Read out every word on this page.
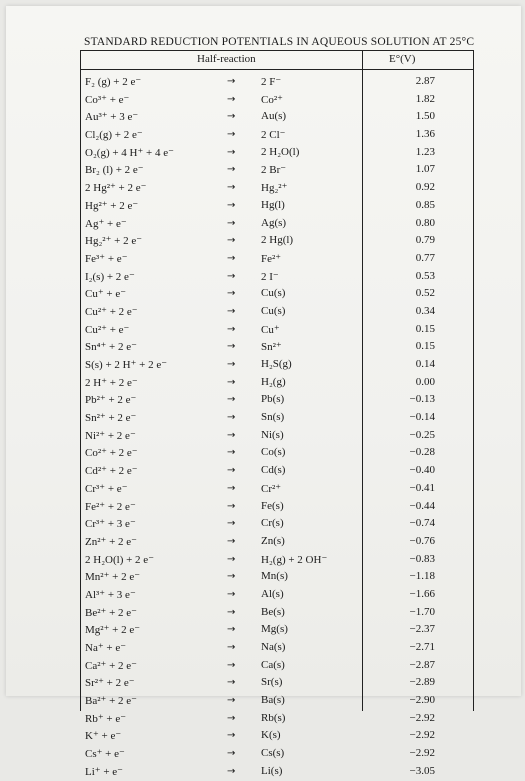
STANDARD REDUCTION POTENTIALS IN AQUEOUS SOLUTION AT 25°C
Half-reaction	E°(V)
F₂ (g) + 2 e⁻	→ 2 F⁻	2.87
Co³⁺ + e⁻	→ Co²⁺	1.82
Au³⁺ + 3 e⁻	→ Au(s)	1.50
Cl₂(g) + 2 e⁻	→ 2 Cl⁻	1.36
O₂(g) + 4 H⁺ + 4 e⁻	→ 2 H₂O(l)	1.23
Br₂ (l) + 2 e⁻	→ 2 Br⁻	1.07
2 Hg²⁺ + 2 e⁻	→ Hg₂²⁺	0.92
Hg²⁺ + 2 e⁻	→ Hg(l)	0.85
Ag⁺ + e⁻	→ Ag(s)	0.80
Hg₂²⁺ + 2 e⁻	→ 2 Hg(l)	0.79
Fe³⁺ + e⁻	→ Fe²⁺	0.77
I₂(s) + 2 e⁻	→ 2 I⁻	0.53
Cu⁺ + e⁻	→ Cu(s)	0.52
Cu²⁺ + 2 e⁻	→ Cu(s)	0.34
Cu²⁺ + e⁻	→ Cu⁺	0.15
Sn⁴⁺ + 2 e⁻	→ Sn²⁺	0.15
S(s) + 2 H⁺ + 2 e⁻	→ H₂S(g)	0.14
2 H⁺ + 2 e⁻	→ H₂(g)	0.00
Pb²⁺ + 2 e⁻	→ Pb(s)	−0.13
Sn²⁺ + 2 e⁻	→ Sn(s)	−0.14
Ni²⁺ + 2 e⁻	→ Ni(s)	−0.25
Co²⁺ + 2 e⁻	→ Co(s)	−0.28
Cd²⁺ + 2 e⁻	→ Cd(s)	−0.40
Cr³⁺ + e⁻	→ Cr²⁺	−0.41
Fe²⁺ + 2 e⁻	→ Fe(s)	−0.44
Cr³⁺ + 3 e⁻	→ Cr(s)	−0.74
Zn²⁺ + 2 e⁻	→ Zn(s)	−0.76
2 H₂O(l) + 2 e⁻	→ H₂(g) + 2 OH⁻	−0.83
Mn²⁺ + 2 e⁻	→ Mn(s)	−1.18
Al³⁺ + 3 e⁻	→ Al(s)	−1.66
Be²⁺ + 2 e⁻	→ Be(s)	−1.70
Mg²⁺ + 2 e⁻	→ Mg(s)	−2.37
Na⁺ + e⁻	→ Na(s)	−2.71
Ca²⁺ + 2 e⁻	→ Ca(s)	−2.87
Sr²⁺ + 2 e⁻	→ Sr(s)	−2.89
Ba²⁺ + 2 e⁻	→ Ba(s)	−2.90
Rb⁺ + e⁻	→ Rb(s)	−2.92
K⁺ + e⁻	→ K(s)	−2.92
Cs⁺ + e⁻	→ Cs(s)	−2.92
Li⁺ + e⁻	→ Li(s)	−3.05
